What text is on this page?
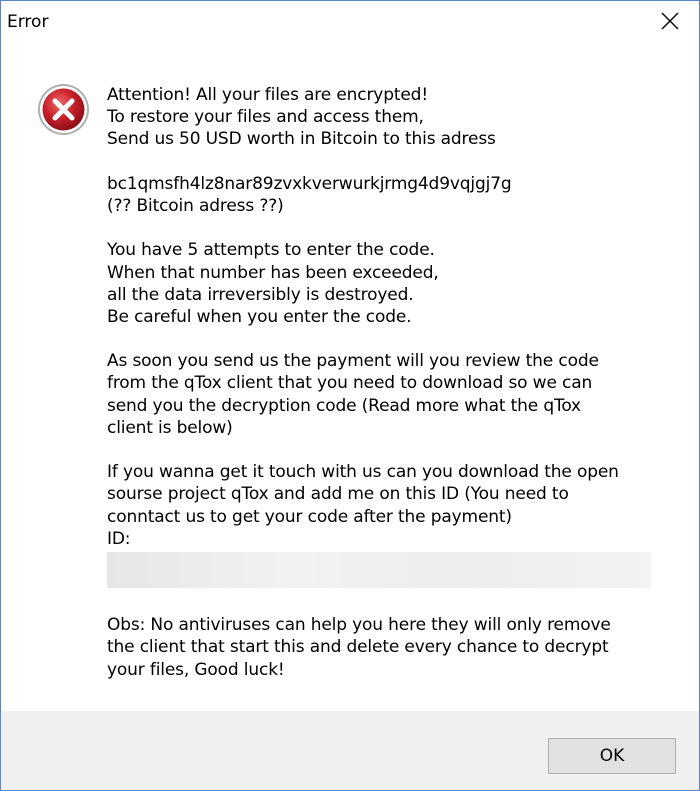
Error
Attention! All your files are encrypted!
To restore your files and access them,
Send us 50 USD worth in Bitcoin to this adress
bc1qmsfh4lz8nar89zvxkverwurkjrmg4d9vqjgj7g
(?? Bitcoin adress ??)
You have 5 attempts to enter the code.
When that number has been exceeded,
all the data irreversibly is destroyed.
Be careful when you enter the code.
As soon you send us the payment will you review the code
from the qTox client that you need to download so we can
send you the decryption code (Read more what the qTox
client is below)
If you wanna get it touch with us can you download the open
sourse project qTox and add me on this ID (You need to
conntact us to get your code after the payment)
ID:
Obs: No antiviruses can help you here they will only remove
the client that start this and delete every chance to decrypt
your files, Good luck!
OK
